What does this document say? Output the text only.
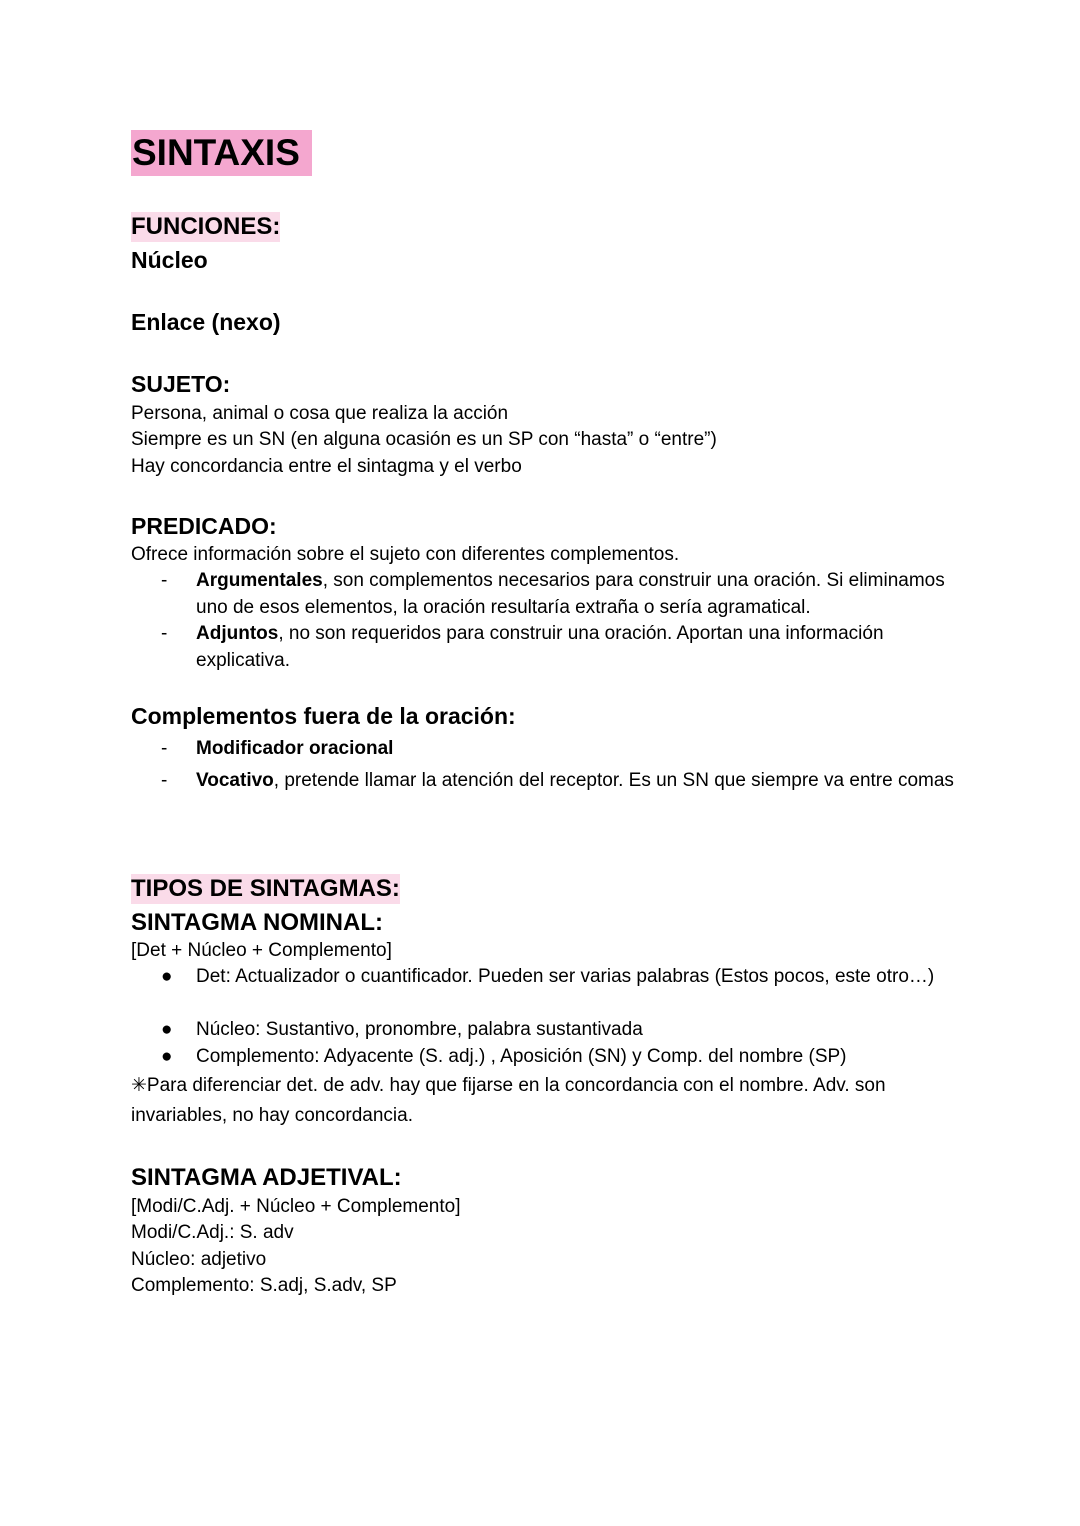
SINTAXIS
FUNCIONES:
Núcleo
Enlace (nexo)
SUJETO:
Persona, animal o cosa que realiza la acción
Siempre es un SN (en alguna ocasión es un SP con “hasta” o “entre”)
Hay concordancia entre el sintagma y el verbo
PREDICADO:
Ofrece información sobre el sujeto con diferentes complementos.
- Argumentales, son complementos necesarios para construir una oración. Si eliminamos uno de esos elementos, la oración resultaría extraña o sería agramatical.
- Adjuntos, no son requeridos para construir una oración. Aportan una información explicativa.
Complementos fuera de la oración:
- Modificador oracional
- Vocativo, pretende llamar la atención del receptor. Es un SN que siempre va entre comas
TIPOS DE SINTAGMAS:
SINTAGMA NOMINAL:
[Det + Núcleo + Complemento]
● Det: Actualizador o cuantificador. Pueden ser varias palabras (Estos pocos, este otro…)
● Núcleo: Sustantivo, pronombre, palabra sustantivada
● Complemento: Adyacente (S. adj.) , Aposición (SN) y Comp. del nombre (SP)
✳Para diferenciar det. de adv. hay que fijarse en la concordancia con el nombre. Adv. son invariables, no hay concordancia.
SINTAGMA ADJETIVAL:
[Modi/C.Adj. + Núcleo + Complemento]
Modi/C.Adj.: S. adv
Núcleo: adjetivo
Complemento: S.adj, S.adv, SP
